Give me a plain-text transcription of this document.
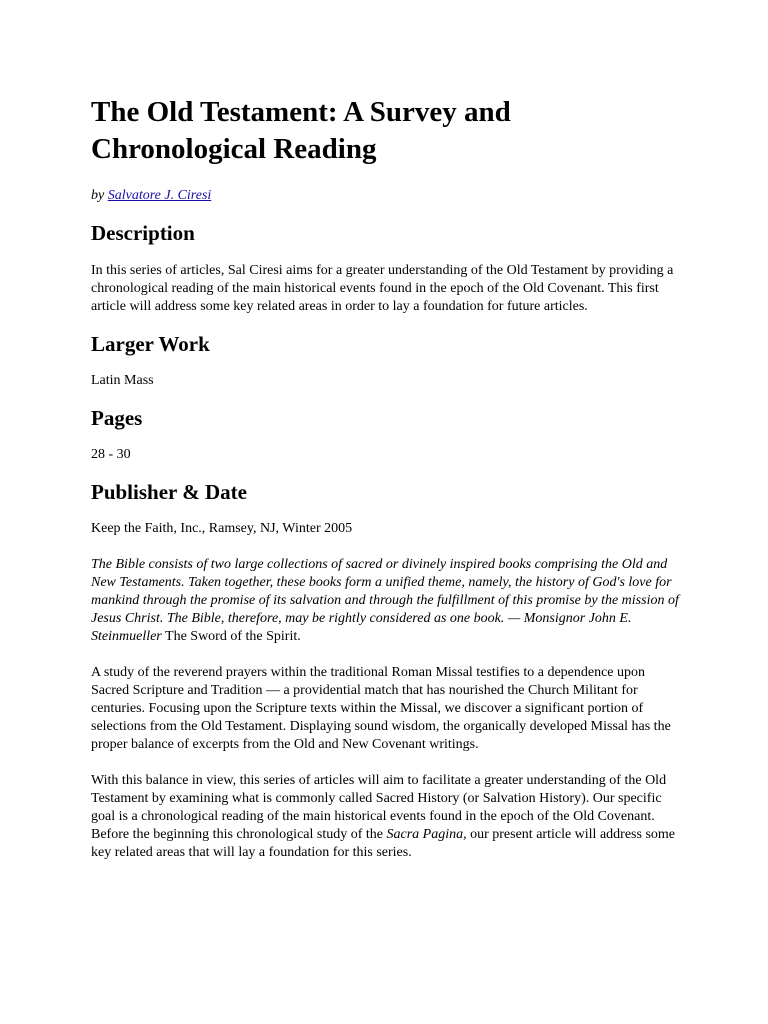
The Old Testament: A Survey and Chronological Reading
by Salvatore J. Ciresi
Description

In this series of articles, Sal Ciresi aims for a greater understanding of the Old Testament by providing a chronological reading of the main historical events found in the epoch of the Old Covenant. This first article will address some key related areas in order to lay a foundation for future articles.

Larger Work

Latin Mass

Pages

28 - 30

Publisher & Date

Keep the Faith, Inc., Ramsey, NJ, Winter 2005

The Bible consists of two large collections of sacred or divinely inspired books comprising the Old and New Testaments. Taken together, these books form a unified theme, namely, the history of God's love for mankind through the promise of its salvation and through the fulfillment of this promise by the mission of Jesus Christ. The Bible, therefore, may be rightly considered as one book. — Monsignor John E. Steinmueller The Sword of the Spirit.

A study of the reverend prayers within the traditional Roman Missal testifies to a dependence upon Sacred Scripture and Tradition — a providential match that has nourished the Church Militant for centuries. Focusing upon the Scripture texts within the Missal, we discover a significant portion of selections from the Old Testament. Displaying sound wisdom, the organically developed Missal has the proper balance of excerpts from the Old and New Covenant writings.

With this balance in view, this series of articles will aim to facilitate a greater understanding of the Old Testament by examining what is commonly called Sacred History (or Salvation History). Our specific goal is a chronological reading of the main historical events found in the epoch of the Old Covenant. Before the beginning this chronological study of the Sacra Pagina, our present article will address some key related areas that will lay a foundation for this series.
